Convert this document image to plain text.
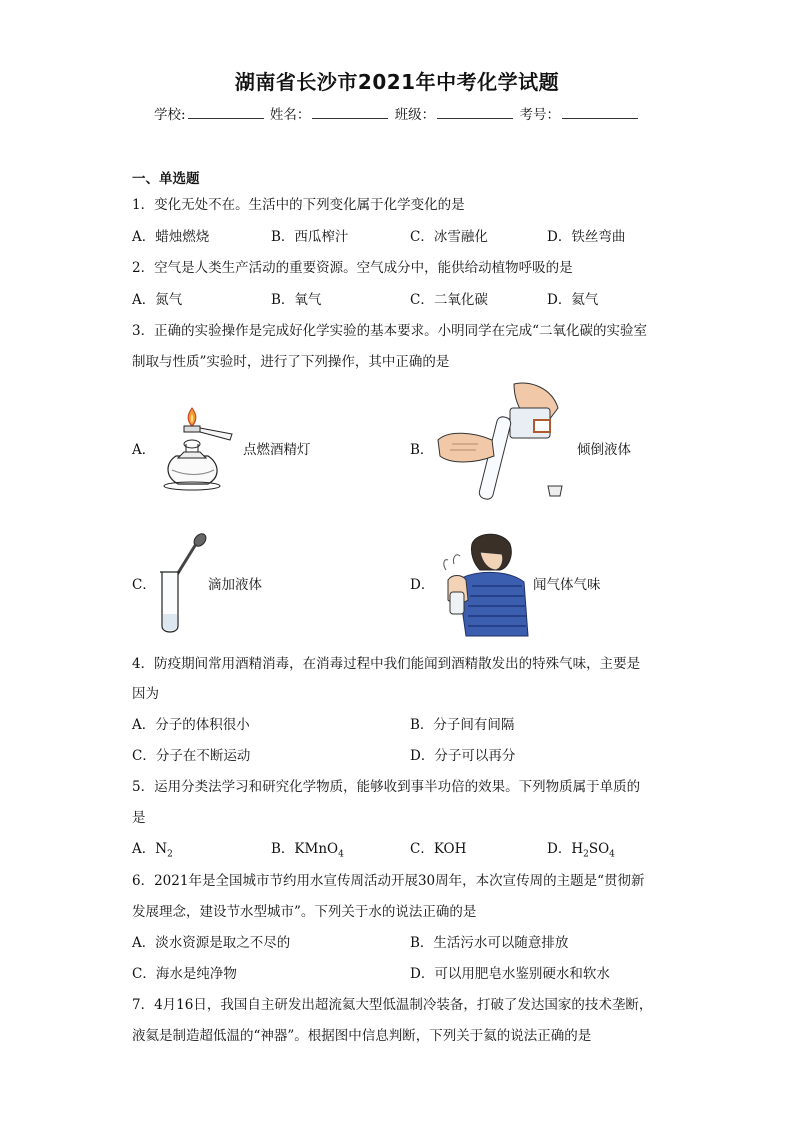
湖南省长沙市2021年中考化学试题
学校:	姓名：	班级：	考号：
一、单选题
1．变化无处不在。生活中的下列变化属于化学变化的是
A．蜡烛燃烧	B．西瓜榨汁	C．冰雪融化	D．铁丝弯曲
2．空气是人类生产活动的重要资源。空气成分中，能供给动植物呼吸的是
A．氮气	B．氧气	C．二氧化碳	D．氦气
3．正确的实验操作是完成好化学实验的基本要求。小明同学在完成“二氧化碳的实验室
制取与性质”实验时，进行了下列操作，其中正确的是
A．	点燃酒精灯	B．	倾倒液体
C．	滴加液体	D．	闻气体气味
4．防疫期间常用酒精消毒，在消毒过程中我们能闻到酒精散发出的特殊气味，主要是
因为
A．分子的体积很小	B．分子间有间隔
C．分子在不断运动	D．分子可以再分
5．运用分类法学习和研究化学物质，能够收到事半功倍的效果。下列物质属于单质的
是
A．$N_2$	B．KMnO$_4$	C．KOH	D．$H_2SO_4$
6．2021年是全国城市节约用水宣传周活动开展30周年，本次宣传周的主题是“贯彻新
发展理念，建设节水型城市”。下列关于水的说法正确的是
A．淡水资源是取之不尽的	B．生活污水可以随意排放
C．海水是纯净物	D．可以用肥皂水鉴别硬水和软水
7．4月16日，我国自主研发出超流氦大型低温制冷装备，打破了发达国家的技术垄断，
液氦是制造超低温的“神器”。根据图中信息判断，下列关于氦的说法正确的是
